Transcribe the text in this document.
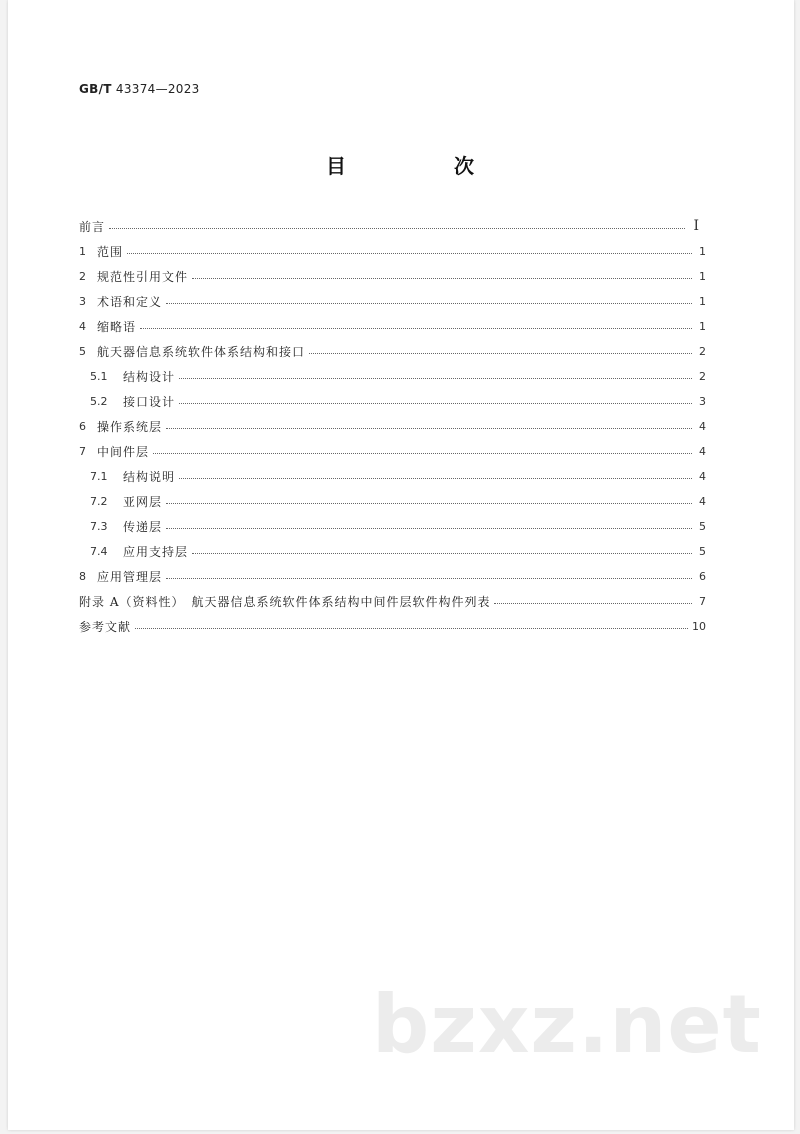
GB/T 43374—2023
目　次
前言	I
1 范围	1
2 规范性引用文件	1
3 术语和定义	1
4 缩略语	1
5 航天器信息系统软件体系结构和接口	2
5.1	结构设计	2
5.2	接口设计	3
6 操作系统层	4
7 中间件层	4
7.1	结构说明	4
7.2	亚网层	4
7.3	传递层	5
7.4	应用支持层	5
8 应用管理层	6
附录 A（资料性）　航天器信息系统软件体系结构中间件层软件构件列表	7
参考文献	10
bzxz.net
